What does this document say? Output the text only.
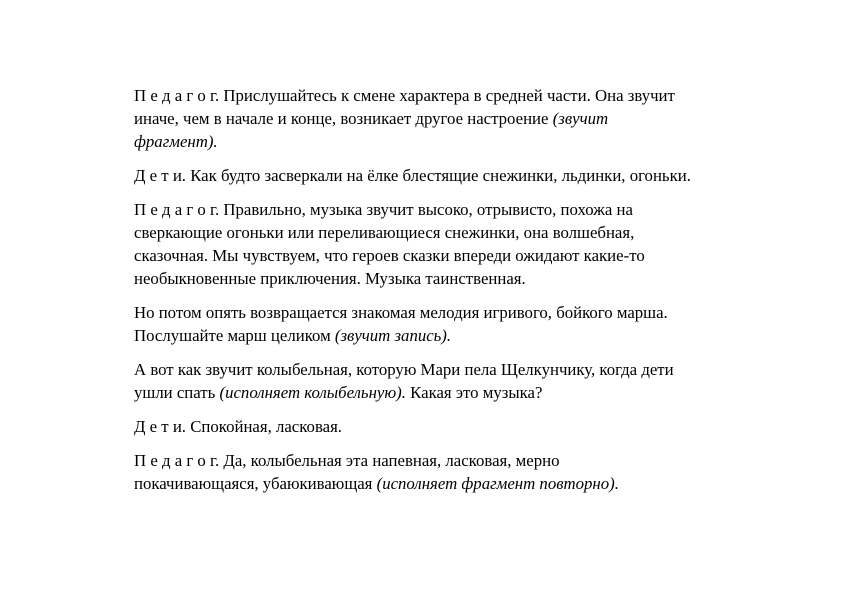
П е д а г о г. Прислушайтесь к смене характера в средней части. Она звучит
иначе, чем в начале и конце, возникает другое настроение (звучит
фрагмент).

Д е т и. Как будто засверкали на ёлке блестящие снежинки, льдинки, огоньки.

П е д а г о г. Правильно, музыка звучит высоко, отрывисто, похожа на
сверкающие огоньки или переливающиеся снежинки, она волшебная,
сказочная. Мы чувствуем, что героев сказки впереди ожидают какие-то
необыкновенные приключения. Музыка таинственная.

Но потом опять возвращается знакомая мелодия игривого, бойкого марша.
Послушайте марш целиком (звучит запись).

А вот как звучит колыбельная, которую Мари пела Щелкунчику, когда дети
ушли спать (исполняет колыбельную). Какая это музыка?

Д е т и. Спокойная, ласковая.

П е д а г о г. Да, колыбельная эта напевная, ласковая, мерно
покачивающаяся, убаюкивающая (исполняет фрагмент повторно).
